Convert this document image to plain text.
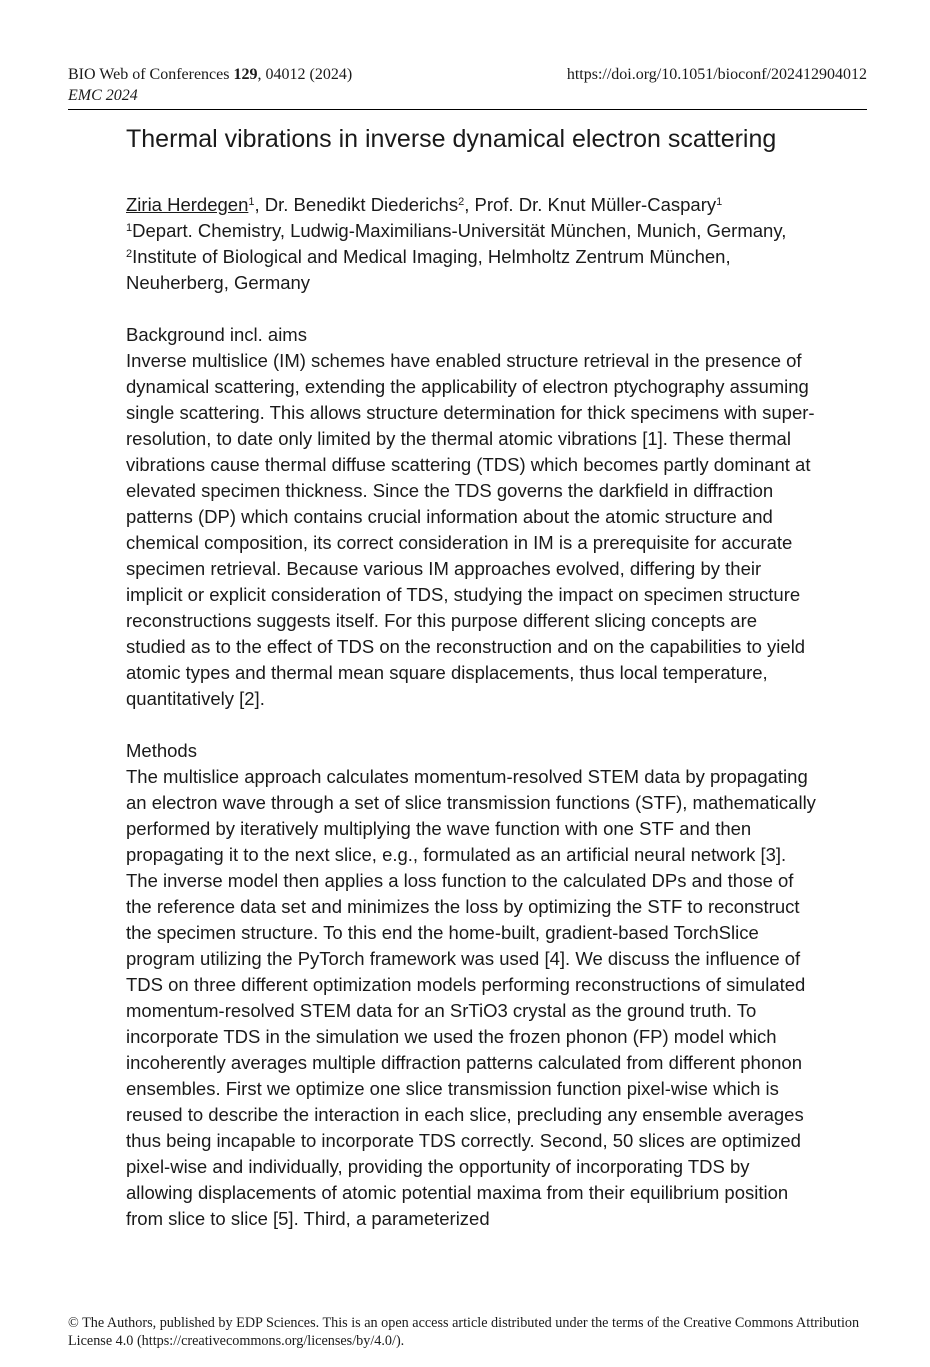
BIO Web of Conferences 129, 04012 (2024)	https://doi.org/10.1051/bioconf/202412904012
EMC 2024
Thermal vibrations in inverse dynamical electron scattering

Ziria Herdegen$^1$, Dr. Benedikt Diederichs$^2$, Prof. Dr. Knut Müller-Caspary$^1$
$^1$Depart. Chemistry, Ludwig-Maximilians-Universität München, Munich, Germany, $^2$Institute of Biological and Medical Imaging, Helmholtz Zentrum München, Neuherberg, Germany

Background incl. aims

Inverse multislice (IM) schemes have enabled structure retrieval in the presence of dynamical scattering, extending the applicability of electron ptychography assuming single scattering. This allows structure determination for thick specimens with super-resolution, to date only limited by the thermal atomic vibrations [1]. These thermal vibrations cause thermal diffuse scattering (TDS) which becomes partly dominant at elevated specimen thickness. Since the TDS governs the darkfield in diffraction patterns (DP) which contains crucial information about the atomic structure and chemical composition, its correct consideration in IM is a prerequisite for accurate specimen retrieval. Because various IM approaches evolved, differing by their implicit or explicit consideration of TDS, studying the impact on specimen structure reconstructions suggests itself. For this purpose different slicing concepts are studied as to the effect of TDS on the reconstruction and on the capabilities to yield atomic types and thermal mean square displacements, thus local temperature, quantitatively [2].

Methods

The multislice approach calculates momentum-resolved STEM data by propagating an electron wave through a set of slice transmission functions (STF), mathematically performed by iteratively multiplying the wave function with one STF and then propagating it to the next slice, e.g., formulated as an artificial neural network [3]. The inverse model then applies a loss function to the calculated DPs and those of the reference data set and minimizes the loss by optimizing the STF to reconstruct the specimen structure. To this end the home-built, gradient-based TorchSlice program utilizing the PyTorch framework was used [4]. We discuss the influence of TDS on three different optimization models performing reconstructions of simulated momentum-resolved STEM data for an SrTiO3 crystal as the ground truth. To incorporate TDS in the simulation we used the frozen phonon (FP) model which incoherently averages multiple diffraction patterns calculated from different phonon ensembles. First we optimize one slice transmission function pixel-wise which is reused to describe the interaction in each slice, precluding any ensemble averages thus being incapable to incorporate TDS correctly. Second, 50 slices are optimized pixel-wise and individually, providing the opportunity of incorporating TDS by allowing displacements of atomic potential maxima from their equilibrium position from slice to slice [5]. Third, a parameterized

© The Authors, published by EDP Sciences. This is an open access article distributed under the terms of the Creative Commons Attribution License 4.0 (https://creativecommons.org/licenses/by/4.0/).
